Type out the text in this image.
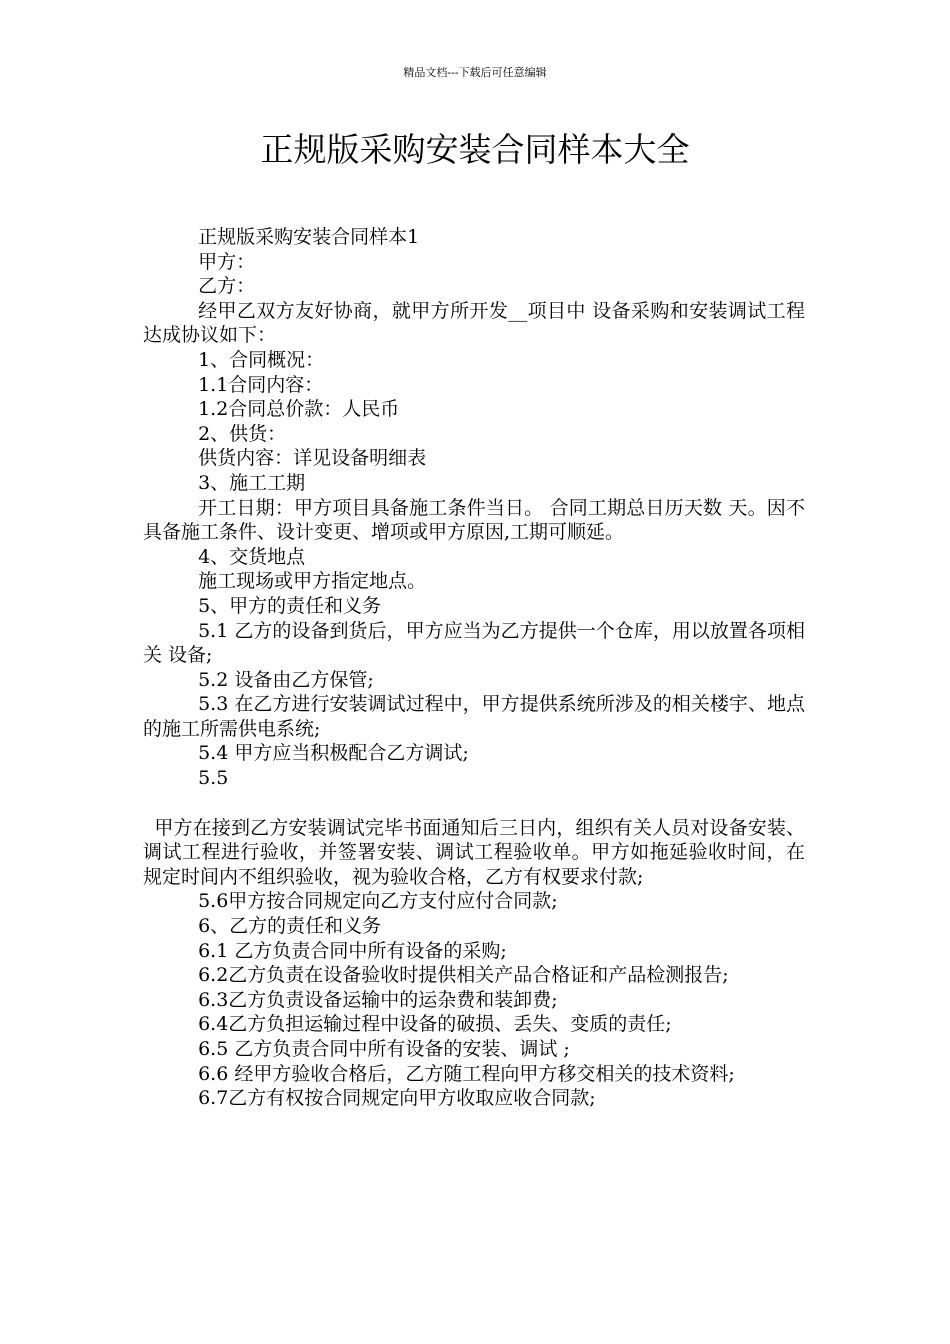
精品文档---下载后可任意编辑
正规版采购安装合同样本大全

正规版采购安装合同样本1

甲方：

乙方：

经甲乙双方友好协商，就甲方所开发__项目中 设备采购和安装调试工程达成协议如下：

1、合同概况：

1.1合同内容：

1.2合同总价款：人民币

2、供货：

供货内容：详见设备明细表

3、施工工期

开工日期：甲方项目具备施工条件当日。 合同工期总日历天数 天。因不具备施工条件、设计变更、增项或甲方原因,工期可顺延。

4、交货地点

施工现场或甲方指定地点。

5、甲方的责任和义务

5.1 乙方的设备到货后，甲方应当为乙方提供一个仓库，用以放置各项相关 设备;

5.2 设备由乙方保管;

5.3 在乙方进行安装调试过程中，甲方提供系统所涉及的相关楼宇、地点的施工所需供电系统;

5.4 甲方应当积极配合乙方调试;

5.5

甲方在接到乙方安装调试完毕书面通知后三日内，组织有关人员对设备安装、调试工程进行验收，并签署安装、调试工程验收单。甲方如拖延验收时间，在规定时间内不组织验收，视为验收合格，乙方有权要求付款;

5.6甲方按合同规定向乙方支付应付合同款;

6、乙方的责任和义务

6.1 乙方负责合同中所有设备的采购;

6.2乙方负责在设备验收时提供相关产品合格证和产品检测报告;

6.3乙方负责设备运输中的运杂费和装卸费;

6.4乙方负担运输过程中设备的破损、丢失、变质的责任;

6.5 乙方负责合同中所有设备的安装、调试 ;

6.6 经甲方验收合格后，乙方随工程向甲方移交相关的技术资料;

6.7乙方有权按合同规定向甲方收取应收合同款;
